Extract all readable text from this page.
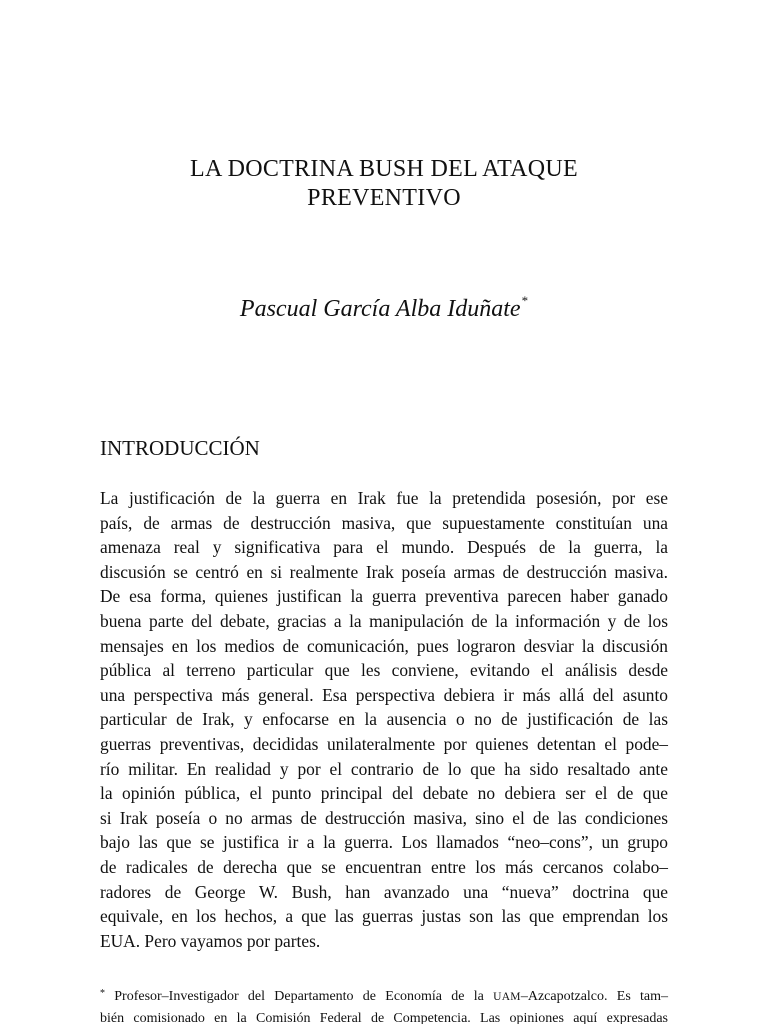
LA DOCTRINA BUSH DEL ATAQUE
PREVENTIVO
Pascual García Alba Iduñate*
INTRODUCCIÓN
La justificación de la guerra en Irak fue la pretendida posesión, por ese
país, de armas de destrucción masiva, que supuestamente constituían una
amenaza real y significativa para el mundo. Después de la guerra, la
discusión se centró en si realmente Irak poseía armas de destrucción masiva.
De esa forma, quienes justifican la guerra preventiva parecen haber ganado
buena parte del debate, gracias a la manipulación de la información y de los
mensajes en los medios de comunicación, pues lograron desviar la discusión
pública al terreno particular que les conviene, evitando el análisis desde
una perspectiva más general. Esa perspectiva debiera ir más allá del asunto
particular de Irak, y enfocarse en la ausencia o no de justificación de las
guerras preventivas, decididas unilateralmente por quienes detentan el pode–
río militar. En realidad y por el contrario de lo que ha sido resaltado ante
la opinión pública, el punto principal del debate no debiera ser el de que
si Irak poseía o no armas de destrucción masiva, sino el de las condiciones
bajo las que se justifica ir a la guerra. Los llamados “neo–cons”, un grupo
de radicales de derecha que se encuentran entre los más cercanos colabo–
radores de George W. Bush, han avanzado una “nueva” doctrina que
equivale, en los hechos, a que las guerras justas son las que emprendan los
EUA. Pero vayamos por partes.
* Profesor–Investigador del Departamento de Economía de la UAM–Azcapotzalco. Es tam–
bién comisionado en la Comisión Federal de Competencia. Las opiniones aquí expresadas
